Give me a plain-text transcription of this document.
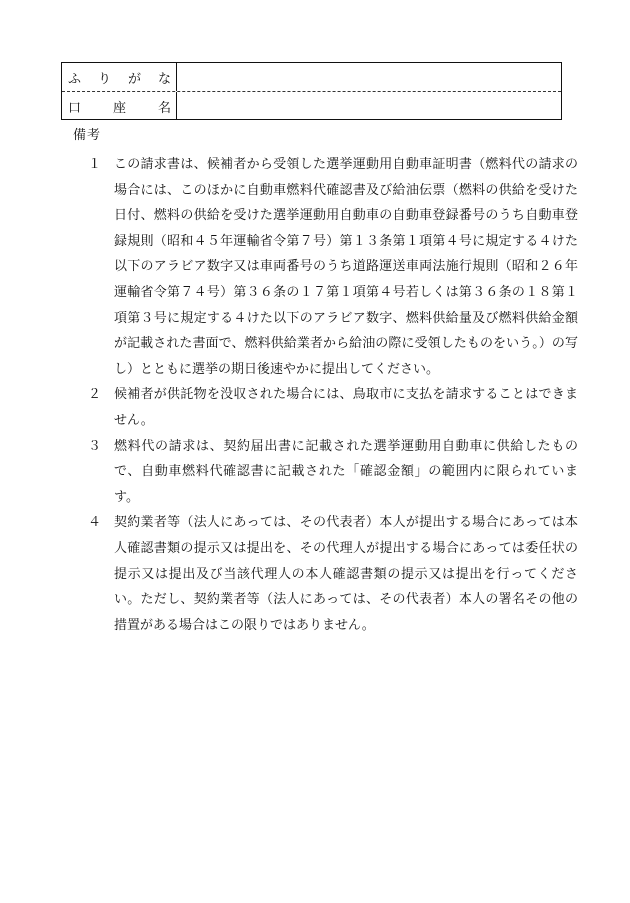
ふ り が な
口 座 名
備考
１ この請求書は、候補者から受領した選挙運動用自動車証明書（燃料代の請求の場合には、このほかに自動車燃料代確認書及び給油伝票（燃料の供給を受けた日付、燃料の供給を受けた選挙運動用自動車の自動車登録番号のうち自動車登録規則（昭和４５年運輸省令第７号）第１３条第１項第４号に規定する４けた以下のアラビア数字又は車両番号のうち道路運送車両法施行規則（昭和２６年運輸省令第７４号）第３６条の１７第１項第４号若しくは第３６条の１８第１項第３号に規定する４けた以下のアラビア数字、燃料供給量及び燃料供給金額が記載された書面で、燃料供給業者から給油の際に受領したものをいう。）の写し）とともに選挙の期日後速やかに提出してください。
２ 候補者が供託物を没収された場合には、鳥取市に支払を請求することはできません。
３ 燃料代の請求は、契約届出書に記載された選挙運動用自動車に供給したもので、自動車燃料代確認書に記載された「確認金額」の範囲内に限られています。
４ 契約業者等（法人にあっては、その代表者）本人が提出する場合にあっては本人確認書類の提示又は提出を、その代理人が提出する場合にあっては委任状の提示又は提出及び当該代理人の本人確認書類の提示又は提出を行ってください。ただし、契約業者等（法人にあっては、その代表者）本人の署名その他の措置がある場合はこの限りではありません。
